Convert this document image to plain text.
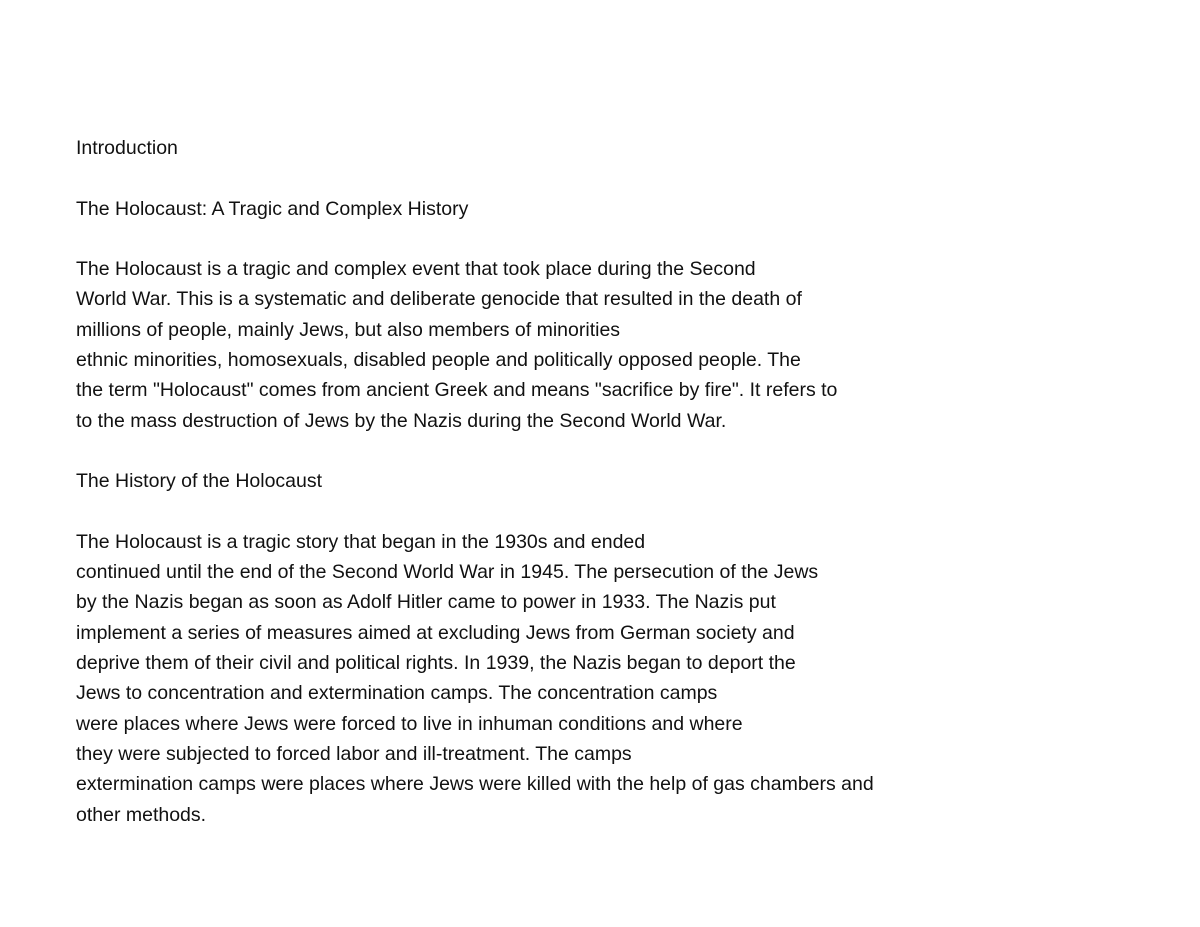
Introduction
The Holocaust: A Tragic and Complex History
The Holocaust is a tragic and complex event that took place during the Second
World War. This is a systematic and deliberate genocide that resulted in the death of
millions of people, mainly Jews, but also members of minorities
ethnic minorities, homosexuals, disabled people and politically opposed people. The
the term "Holocaust" comes from ancient Greek and means "sacrifice by fire". It refers to
to the mass destruction of Jews by the Nazis during the Second World War.
The History of the Holocaust
The Holocaust is a tragic story that began in the 1930s and ended
continued until the end of the Second World War in 1945. The persecution of the Jews
by the Nazis began as soon as Adolf Hitler came to power in 1933. The Nazis put
implement a series of measures aimed at excluding Jews from German society and
deprive them of their civil and political rights. In 1939, the Nazis began to deport the
Jews to concentration and extermination camps. The concentration camps
were places where Jews were forced to live in inhuman conditions and where
they were subjected to forced labor and ill-treatment. The camps
extermination camps were places where Jews were killed with the help of gas chambers and
other methods.
